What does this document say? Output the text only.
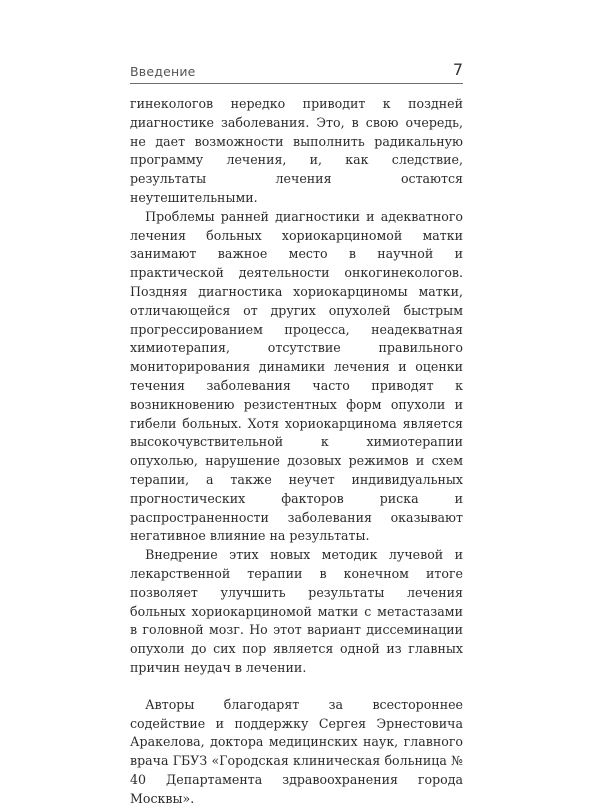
Введение	7

гинекологов нередко приводит к поздней диагностике заболевания. Это, в свою очередь, не дает возможности выполнить радикальную программу лечения, и, как следствие, результаты лечения остаются неутешительными.

Проблемы ранней диагностики и адекватного лечения больных хориокарциномой матки занимают важное место в научной и практической деятельности онкогинекологов. Поздняя диагностика хориокарциномы матки, отличающейся от других опухолей быстрым прогрессированием процесса, неадекватная химиотерапия, отсутствие правильного мониторирования динамики лечения и оценки течения заболевания часто приводят к возникновению резистентных форм опухоли и гибели больных. Хотя хориокарцинома является высокочувствительной к химиотерапии опухолью, нарушение дозовых режимов и схем терапии, а также неучет индивидуальных прогностических факторов риска и распространенности заболевания оказывают негативное влияние на результаты.

Внедрение этих новых методик лучевой и лекарственной терапии в конечном итоге позволяет улучшить результаты лечения больных хориокарциномой матки с метастазами в головной мозг. Но этот вариант диссеминации опухоли до сих пор является одной из главных причин неудач в лечении.

Авторы благодарят за всестороннее содействие и поддержку Сергея Эрнестовича Аракелова, доктора медицинских наук, главного врача ГБУЗ «Городская клиническая больница № 40 Департамента здравоохранения города Москвы».
